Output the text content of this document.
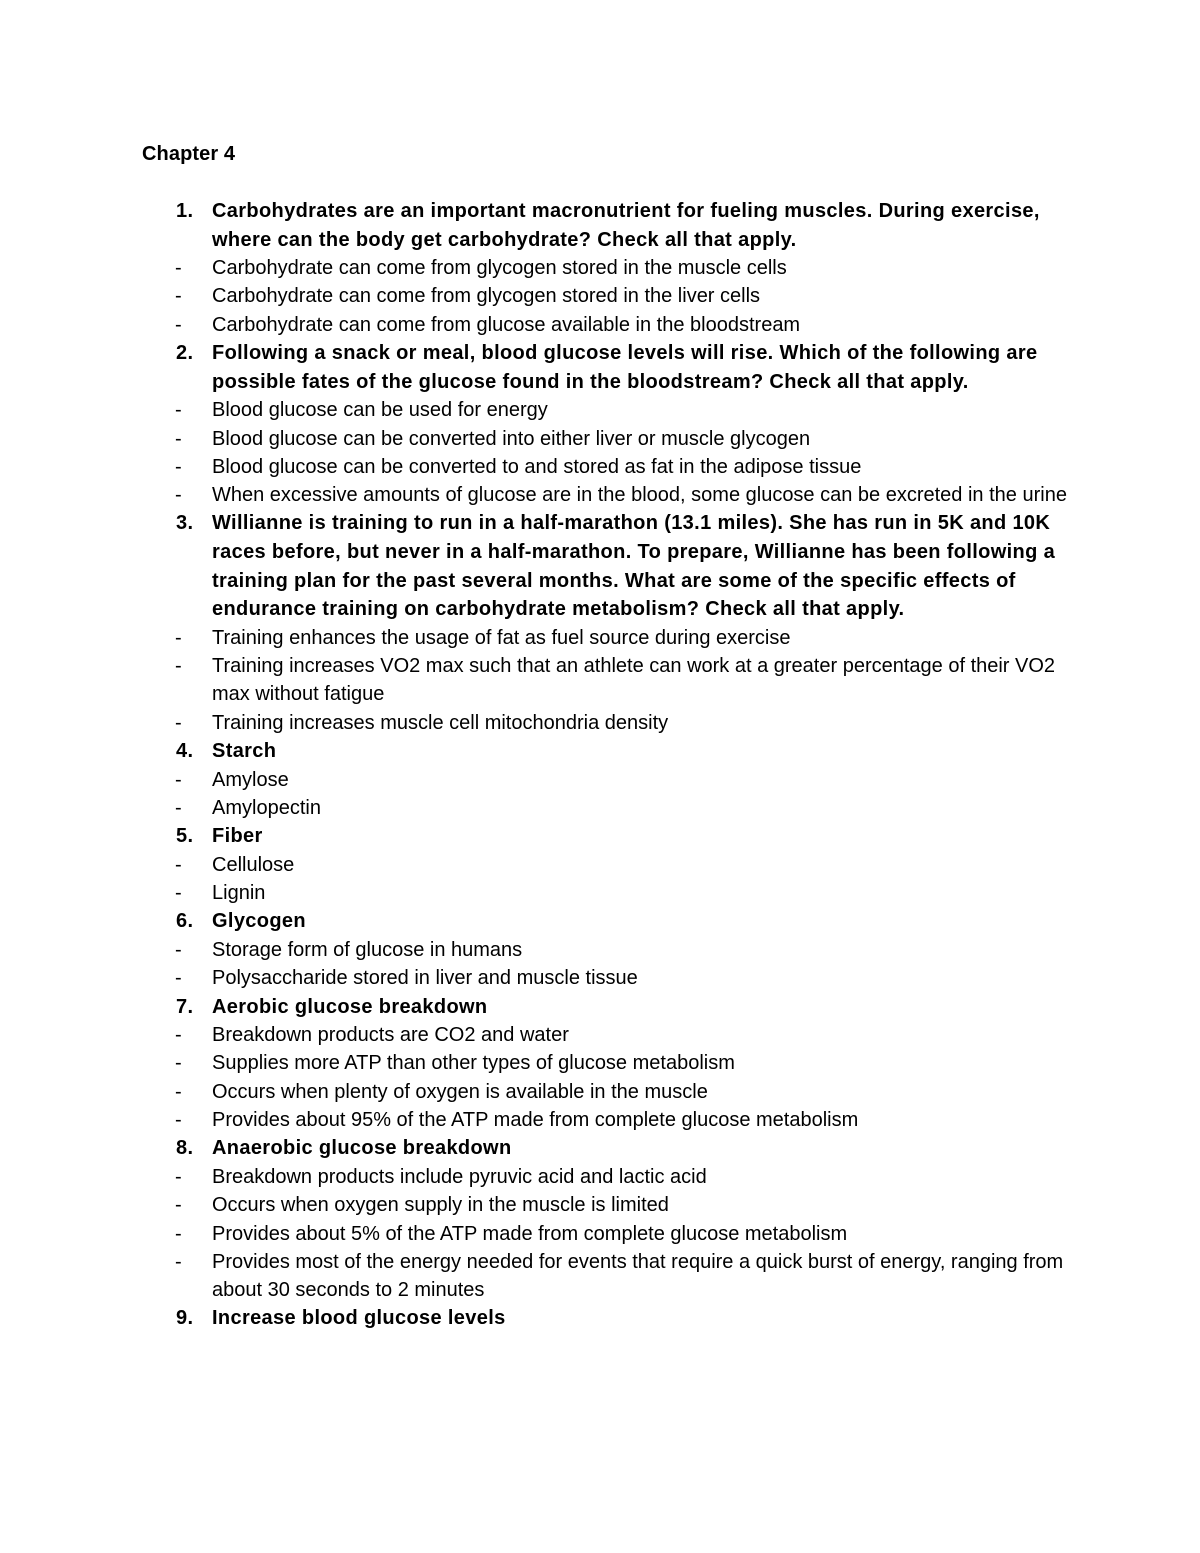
Chapter 4
1. Carbohydrates are an important macronutrient for fueling muscles. During exercise, where can the body get carbohydrate? Check all that apply.
-	Carbohydrate can come from glycogen stored in the muscle cells
-	Carbohydrate can come from glycogen stored in the liver cells
-	Carbohydrate can come from glucose available in the bloodstream
2. Following a snack or meal, blood glucose levels will rise. Which of the following are possible fates of the glucose found in the bloodstream? Check all that apply.
-	Blood glucose can be used for energy
-	Blood glucose can be converted into either liver or muscle glycogen
-	Blood glucose can be converted to and stored as fat in the adipose tissue
-	When excessive amounts of glucose are in the blood, some glucose can be excreted in the urine
3. Willianne is training to run in a half-marathon (13.1 miles). She has run in 5K and 10K races before, but never in a half-marathon. To prepare, Willianne has been following a training plan for the past several months. What are some of the specific effects of endurance training on carbohydrate metabolism? Check all that apply.
-	Training enhances the usage of fat as fuel source during exercise
-	Training increases VO2 max such that an athlete can work at a greater percentage of their VO2 max without fatigue
-	Training increases muscle cell mitochondria density
4. Starch
-	Amylose
-	Amylopectin
5. Fiber
-	Cellulose
-	Lignin
6. Glycogen
-	Storage form of glucose in humans
-	Polysaccharide stored in liver and muscle tissue
7. Aerobic glucose breakdown
-	Breakdown products are CO2 and water
-	Supplies more ATP than other types of glucose metabolism
-	Occurs when plenty of oxygen is available in the muscle
-	Provides about 95% of the ATP made from complete glucose metabolism
8. Anaerobic glucose breakdown
-	Breakdown products include pyruvic acid and lactic acid
-	Occurs when oxygen supply in the muscle is limited
-	Provides about 5% of the ATP made from complete glucose metabolism
-	Provides most of the energy needed for events that require a quick burst of energy, ranging from about 30 seconds to 2 minutes
9. Increase blood glucose levels
